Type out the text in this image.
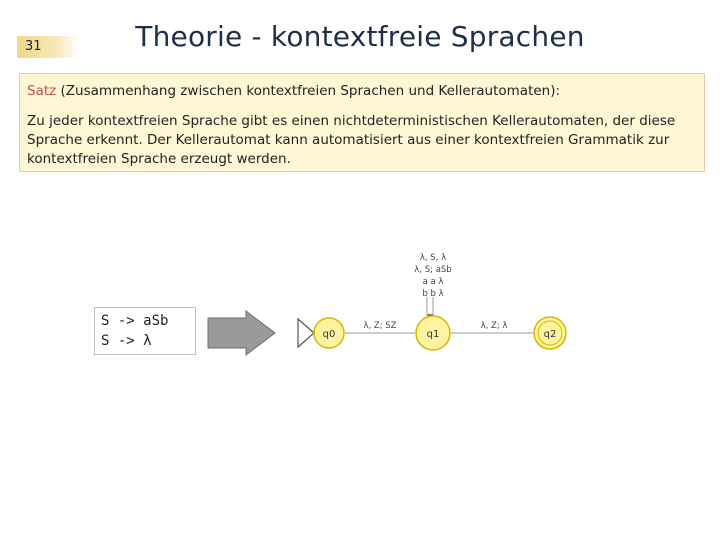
31	Theorie - kontextfreie Sprachen
Satz (Zusammenhang zwischen kontextfreien Sprachen und Kellerautomaten):
Zu jeder kontextfreien Sprache gibt es einen nichtdeterministischen Kellerautomaten, der diese
Sprache erkennt. Der Kellerautomat kann automatisiert aus einer kontextfreien Grammatik zur
kontextfreien Sprache erzeugt werden.
S -> aSb
S -> λ
λ, Z; SZ	λ, Z; λ
λ, S, λ
λ, S; aSb
a a λ
b b λ
q0	q1	q2
